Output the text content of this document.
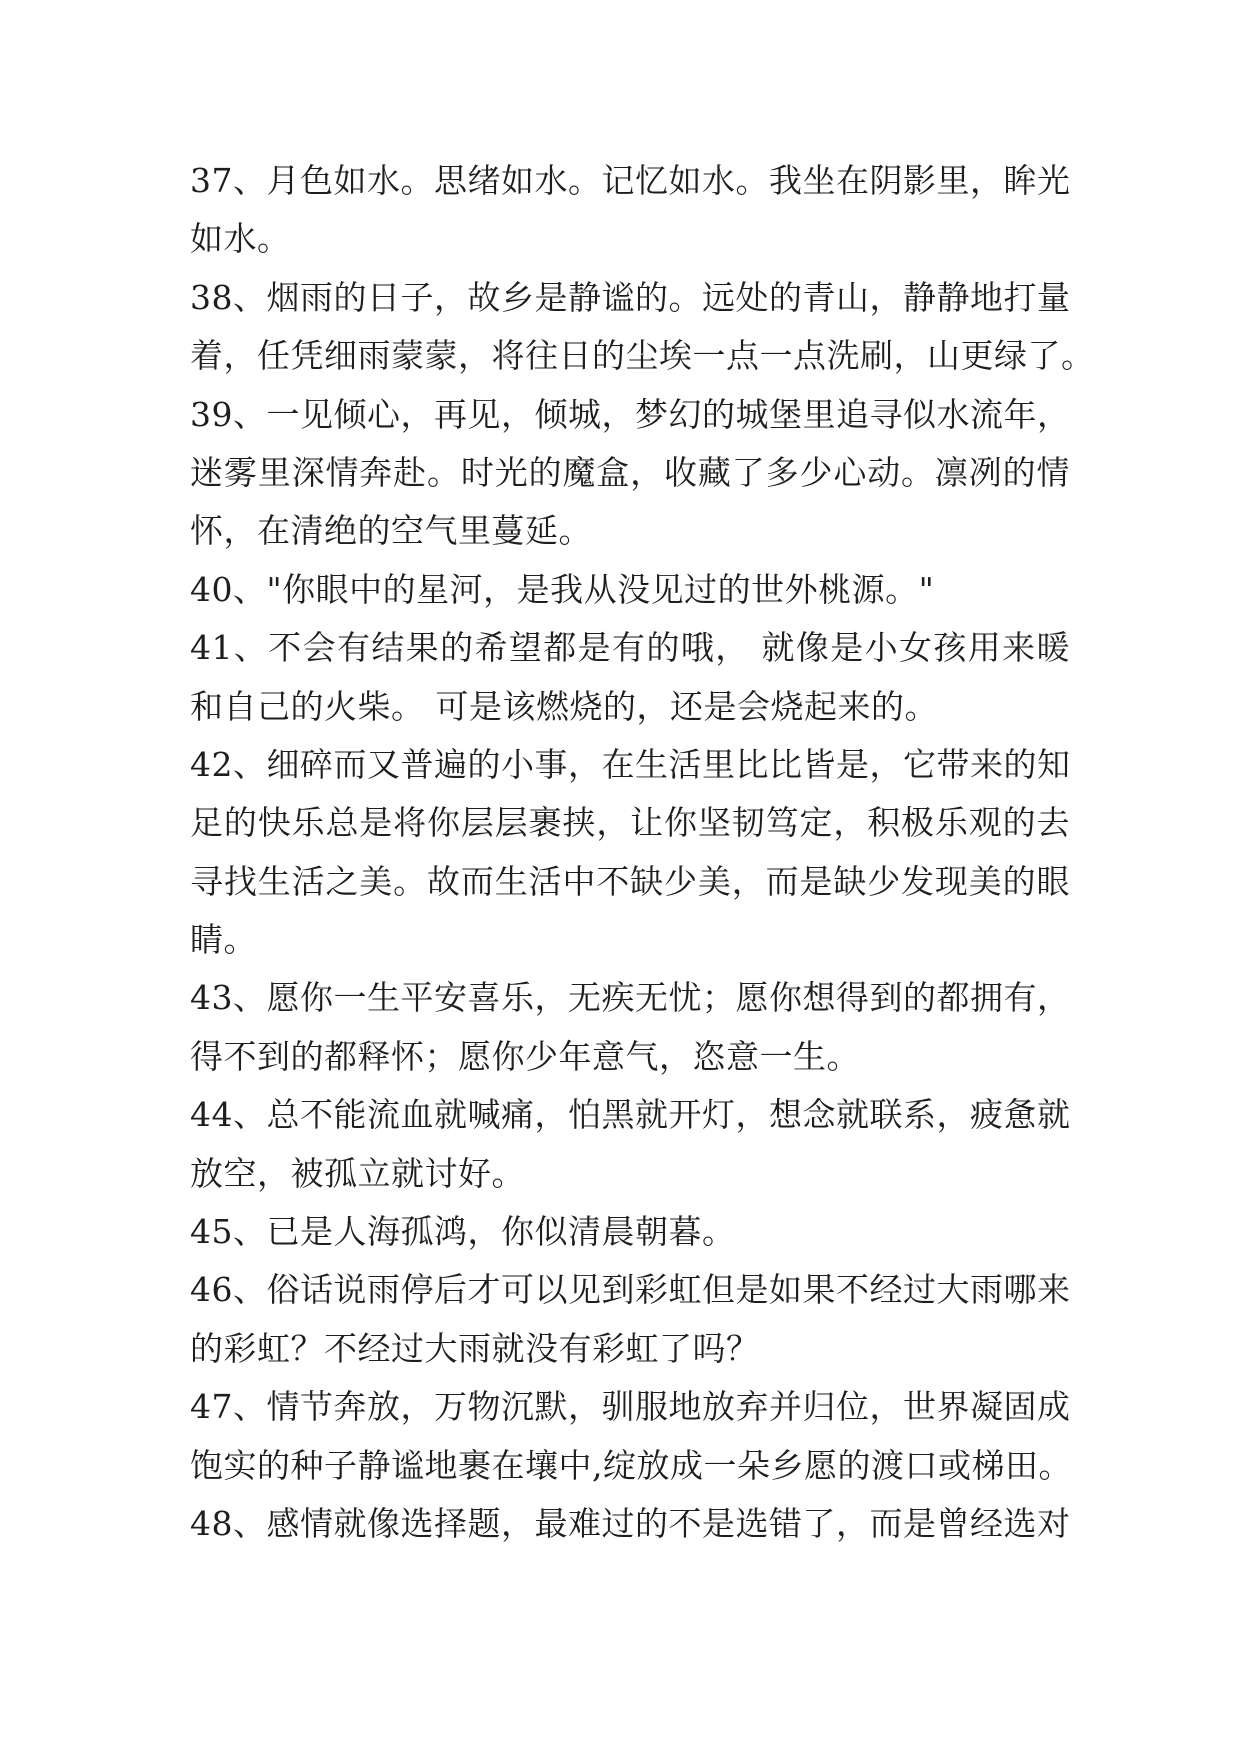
37、月色如水。思绪如水。记忆如水。我坐在阴影里，眸光
如水。
38、烟雨的日子，故乡是静谧的。远处的青山，静静地打量
着，任凭细雨蒙蒙，将往日的尘埃一点一点洗刷，山更绿了。
39、一见倾心，再见，倾城，梦幻的城堡里追寻似水流年，
迷雾里深情奔赴。时光的魔盒，收藏了多少心动。凛冽的情
怀，在清绝的空气里蔓延。
40、"你眼中的星河，是我从没见过的世外桃源。"
41、不会有结果的希望都是有的哦， 就像是小女孩用来暖
和自己的火柴。 可是该燃烧的，还是会烧起来的。
42、细碎而又普遍的小事，在生活里比比皆是，它带来的知
足的快乐总是将你层层裹挟，让你坚韧笃定，积极乐观的去
寻找生活之美。故而生活中不缺少美，而是缺少发现美的眼
睛。
43、愿你一生平安喜乐，无疾无忧；愿你想得到的都拥有，
得不到的都释怀；愿你少年意气，恣意一生。
44、总不能流血就喊痛，怕黑就开灯，想念就联系，疲惫就
放空，被孤立就讨好。
45、已是人海孤鸿，你似清晨朝暮。
46、俗话说雨停后才可以见到彩虹但是如果不经过大雨哪来
的彩虹？不经过大雨就没有彩虹了吗？
47、情节奔放，万物沉默，驯服地放弃并归位，世界凝固成
饱实的种子静谧地裹在壤中,绽放成一朵乡愿的渡口或梯田。
48、感情就像选择题，最难过的不是选错了，而是曾经选对
